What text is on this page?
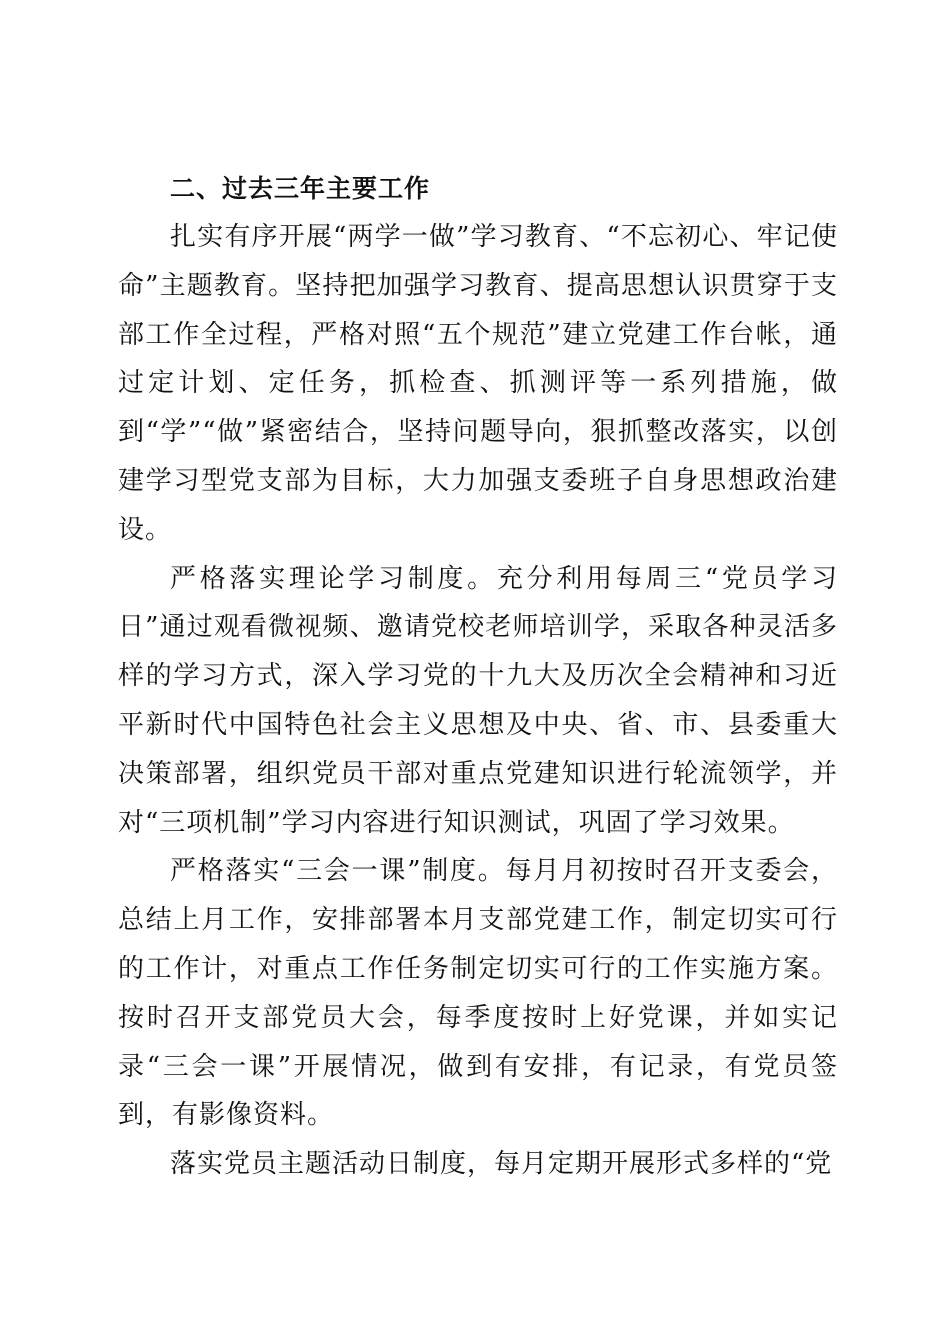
二、过去三年主要工作

扎实有序开展“两学一做”学习教育、“不忘初心、牢记使命”主题教育。坚持把加强学习教育、提高思想认识贯穿于支部工作全过程，严格对照“五个规范”建立党建工作台帐，通过定计划、定任务，抓检查、抓测评等一系列措施，做到“学”“做”紧密结合，坚持问题导向，狠抓整改落实，以创建学习型党支部为目标，大力加强支委班子自身思想政治建设。

严格落实理论学习制度。充分利用每周三“党员学习日”通过观看微视频、邀请党校老师培训学，采取各种灵活多样的学习方式，深入学习党的十九大及历次全会精神和习近平新时代中国特色社会主义思想及中央、省、市、县委重大决策部署，组织党员干部对重点党建知识进行轮流领学，并对“三项机制”学习内容进行知识测试，巩固了学习效果。

严格落实“三会一课”制度。每月月初按时召开支委会，总结上月工作，安排部署本月支部党建工作，制定切实可行的工作计，对重点工作任务制定切实可行的工作实施方案。按时召开支部党员大会，每季度按时上好党课，并如实记录“三会一课”开展情况，做到有安排，有记录，有党员签到，有影像资料。

落实党员主题活动日制度，每月定期开展形式多样的“党
